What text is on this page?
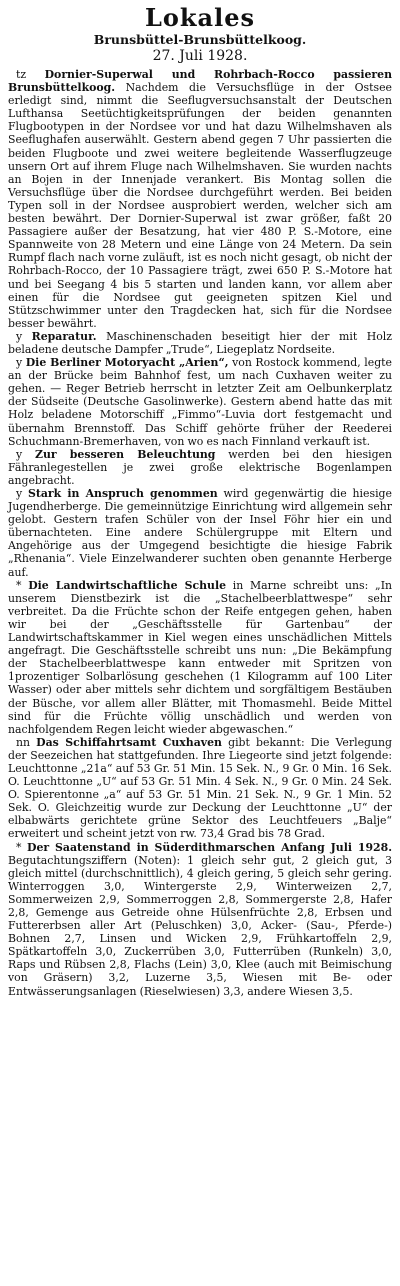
Lokales

Brunsbüttel-Brunsbüttelkoog.

27. Juli 1928.

tz Dornier-Superwal und Rohrbach-Rocco passieren Brunsbüttelkoog. Nachdem die Versuchsflüge in der Ostsee erledigt sind, nimmt die Seeflugversuchsanstalt der Deutschen Lufthansa Seetüchtigkeitsprüfungen der beiden genannten Flugbootypen in der Nordsee vor und hat dazu Wilhelmshaven als Seeflughafen auserwählt. Gestern abend gegen 7 Uhr passierten die beiden Flugboote und zwei weitere begleitende Wasserflugzeuge unsern Ort auf ihrem Fluge nach Wilhelmshaven. Sie wurden nachts an Bojen in der Innenjade verankert. Bis Montag sollen die Versuchsflüge über die Nordsee durchgeführt werden. Bei beiden Typen soll in der Nordsee ausprobiert werden, welcher sich am besten bewährt. Der Dornier-Superwal ist zwar größer, faßt 20 Passagiere außer der Besatzung, hat vier 480 P. S.-Motore, eine Spannweite von 28 Metern und eine Länge von 24 Metern. Da sein Rumpf flach nach vorne zuläuft, ist es noch nicht gesagt, ob nicht der Rohrbach-Rocco, der 10 Passagiere trägt, zwei 650 P. S.-Motore hat und bei Seegang 4 bis 5 starten und landen kann, vor allem aber einen für die Nordsee gut geeigneten spitzen Kiel und Stützschwimmer unter den Tragdecken hat, sich für die Nordsee besser bewährt.

y Reparatur. Maschinenschaden beseitigt hier der mit Holz beladene deutsche Dampfer „Trude“, Liegeplatz Nordseite.

y Die Berliner Motoryacht „Arien“, von Rostock kommend, legte an der Brücke beim Bahnhof fest, um nach Cuxhaven weiter zu gehen. — Reger Betrieb herrscht in letzter Zeit am Oelbunkerplatz der Südseite (Deutsche Gasolinwerke). Gestern abend hatte das mit Holz beladene Motorschiff „Fimmo“-Luvia dort festgemacht und übernahm Brennstoff. Das Schiff gehörte früher der Reederei Schuchmann-Bremerhaven, von wo es nach Finnland verkauft ist.

y Zur besseren Beleuchtung werden bei den hiesigen Fähranlegestellen je zwei große elektrische Bogenlampen angebracht.

y Stark in Anspruch genommen wird gegenwärtig die hiesige Jugendherberge. Die gemeinnützige Einrichtung wird allgemein sehr gelobt. Gestern trafen Schüler von der Insel Föhr hier ein und übernachteten. Eine andere Schülergruppe mit Eltern und Angehörige aus der Umgegend besichtigte die hiesige Fabrik „Rhenania“. Viele Einzelwanderer suchten oben genannte Herberge auf.

* Die Landwirtschaftliche Schule in Marne schreibt uns: „In unserem Dienstbezirk ist die „Stachelbeerblattwespe“ sehr verbreitet. Da die Früchte schon der Reife entgegen gehen, haben wir bei der „Geschäftsstelle für Gartenbau“ der Landwirtschaftskammer in Kiel wegen eines unschädlichen Mittels angefragt. Die Geschäftsstelle schreibt uns nun: „Die Bekämpfung der Stachelbeerblattwespe kann entweder mit Spritzen von 1prozentiger Solbarlösung geschehen (1 Kilogramm auf 100 Liter Wasser) oder aber mittels sehr dichtem und sorgfältigem Bestäuben der Büsche, vor allem aller Blätter, mit Thomasmehl. Beide Mittel sind für die Früchte völlig unschädlich und werden von nachfolgendem Regen leicht wieder abgewaschen.“

nn Das Schiffahrtsamt Cuxhaven gibt bekannt: Die Verlegung der Seezeichen hat stattgefunden. Ihre Liegeorte sind jetzt folgende: Leuchttonne „21a“ auf 53 Gr. 51 Min. 15 Sek. N., 9 Gr. 0 Min. 16 Sek. O. Leuchttonne „U“ auf 53 Gr. 51 Min. 4 Sek. N., 9 Gr. 0 Min. 24 Sek. O. Spierentonne „a“ auf 53 Gr. 51 Min. 21 Sek. N., 9 Gr. 1 Min. 52 Sek. O. Gleichzeitig wurde zur Deckung der Leuchttonne „U“ der elbabwärts gerichtete grüne Sektor des Leuchtfeuers „Balje“ erweitert und scheint jetzt von rw. 73,4 Grad bis 78 Grad.

* Der Saatenstand in Süderdithmarschen Anfang Juli 1928. Begutachtungsziffern (Noten): 1 gleich sehr gut, 2 gleich gut, 3 gleich mittel (durchschnittlich), 4 gleich gering, 5 gleich sehr gering. Winterroggen 3,0, Wintergerste 2,9, Winterweizen 2,7, Sommerweizen 2,9, Sommerroggen 2,8, Sommergerste 2,8, Hafer 2,8, Gemenge aus Getreide ohne Hülsenfrüchte 2,8, Erbsen und Futtererbsen aller Art (Peluschken) 3,0, Acker- (Sau-, Pferde-) Bohnen 2,7, Linsen und Wicken 2,9, Frühkartoffeln 2,9, Spätkartoffeln 3,0, Zuckerrüben 3,0, Futterrüben (Runkeln) 3,0, Raps und Rübsen 2,8, Flachs (Lein) 3,0, Klee (auch mit Beimischung von Gräsern) 3,2, Luzerne 3,5, Wiesen mit Be- oder Entwässerungsanlagen (Rieselwiesen) 3,3, andere Wiesen 3,5.
